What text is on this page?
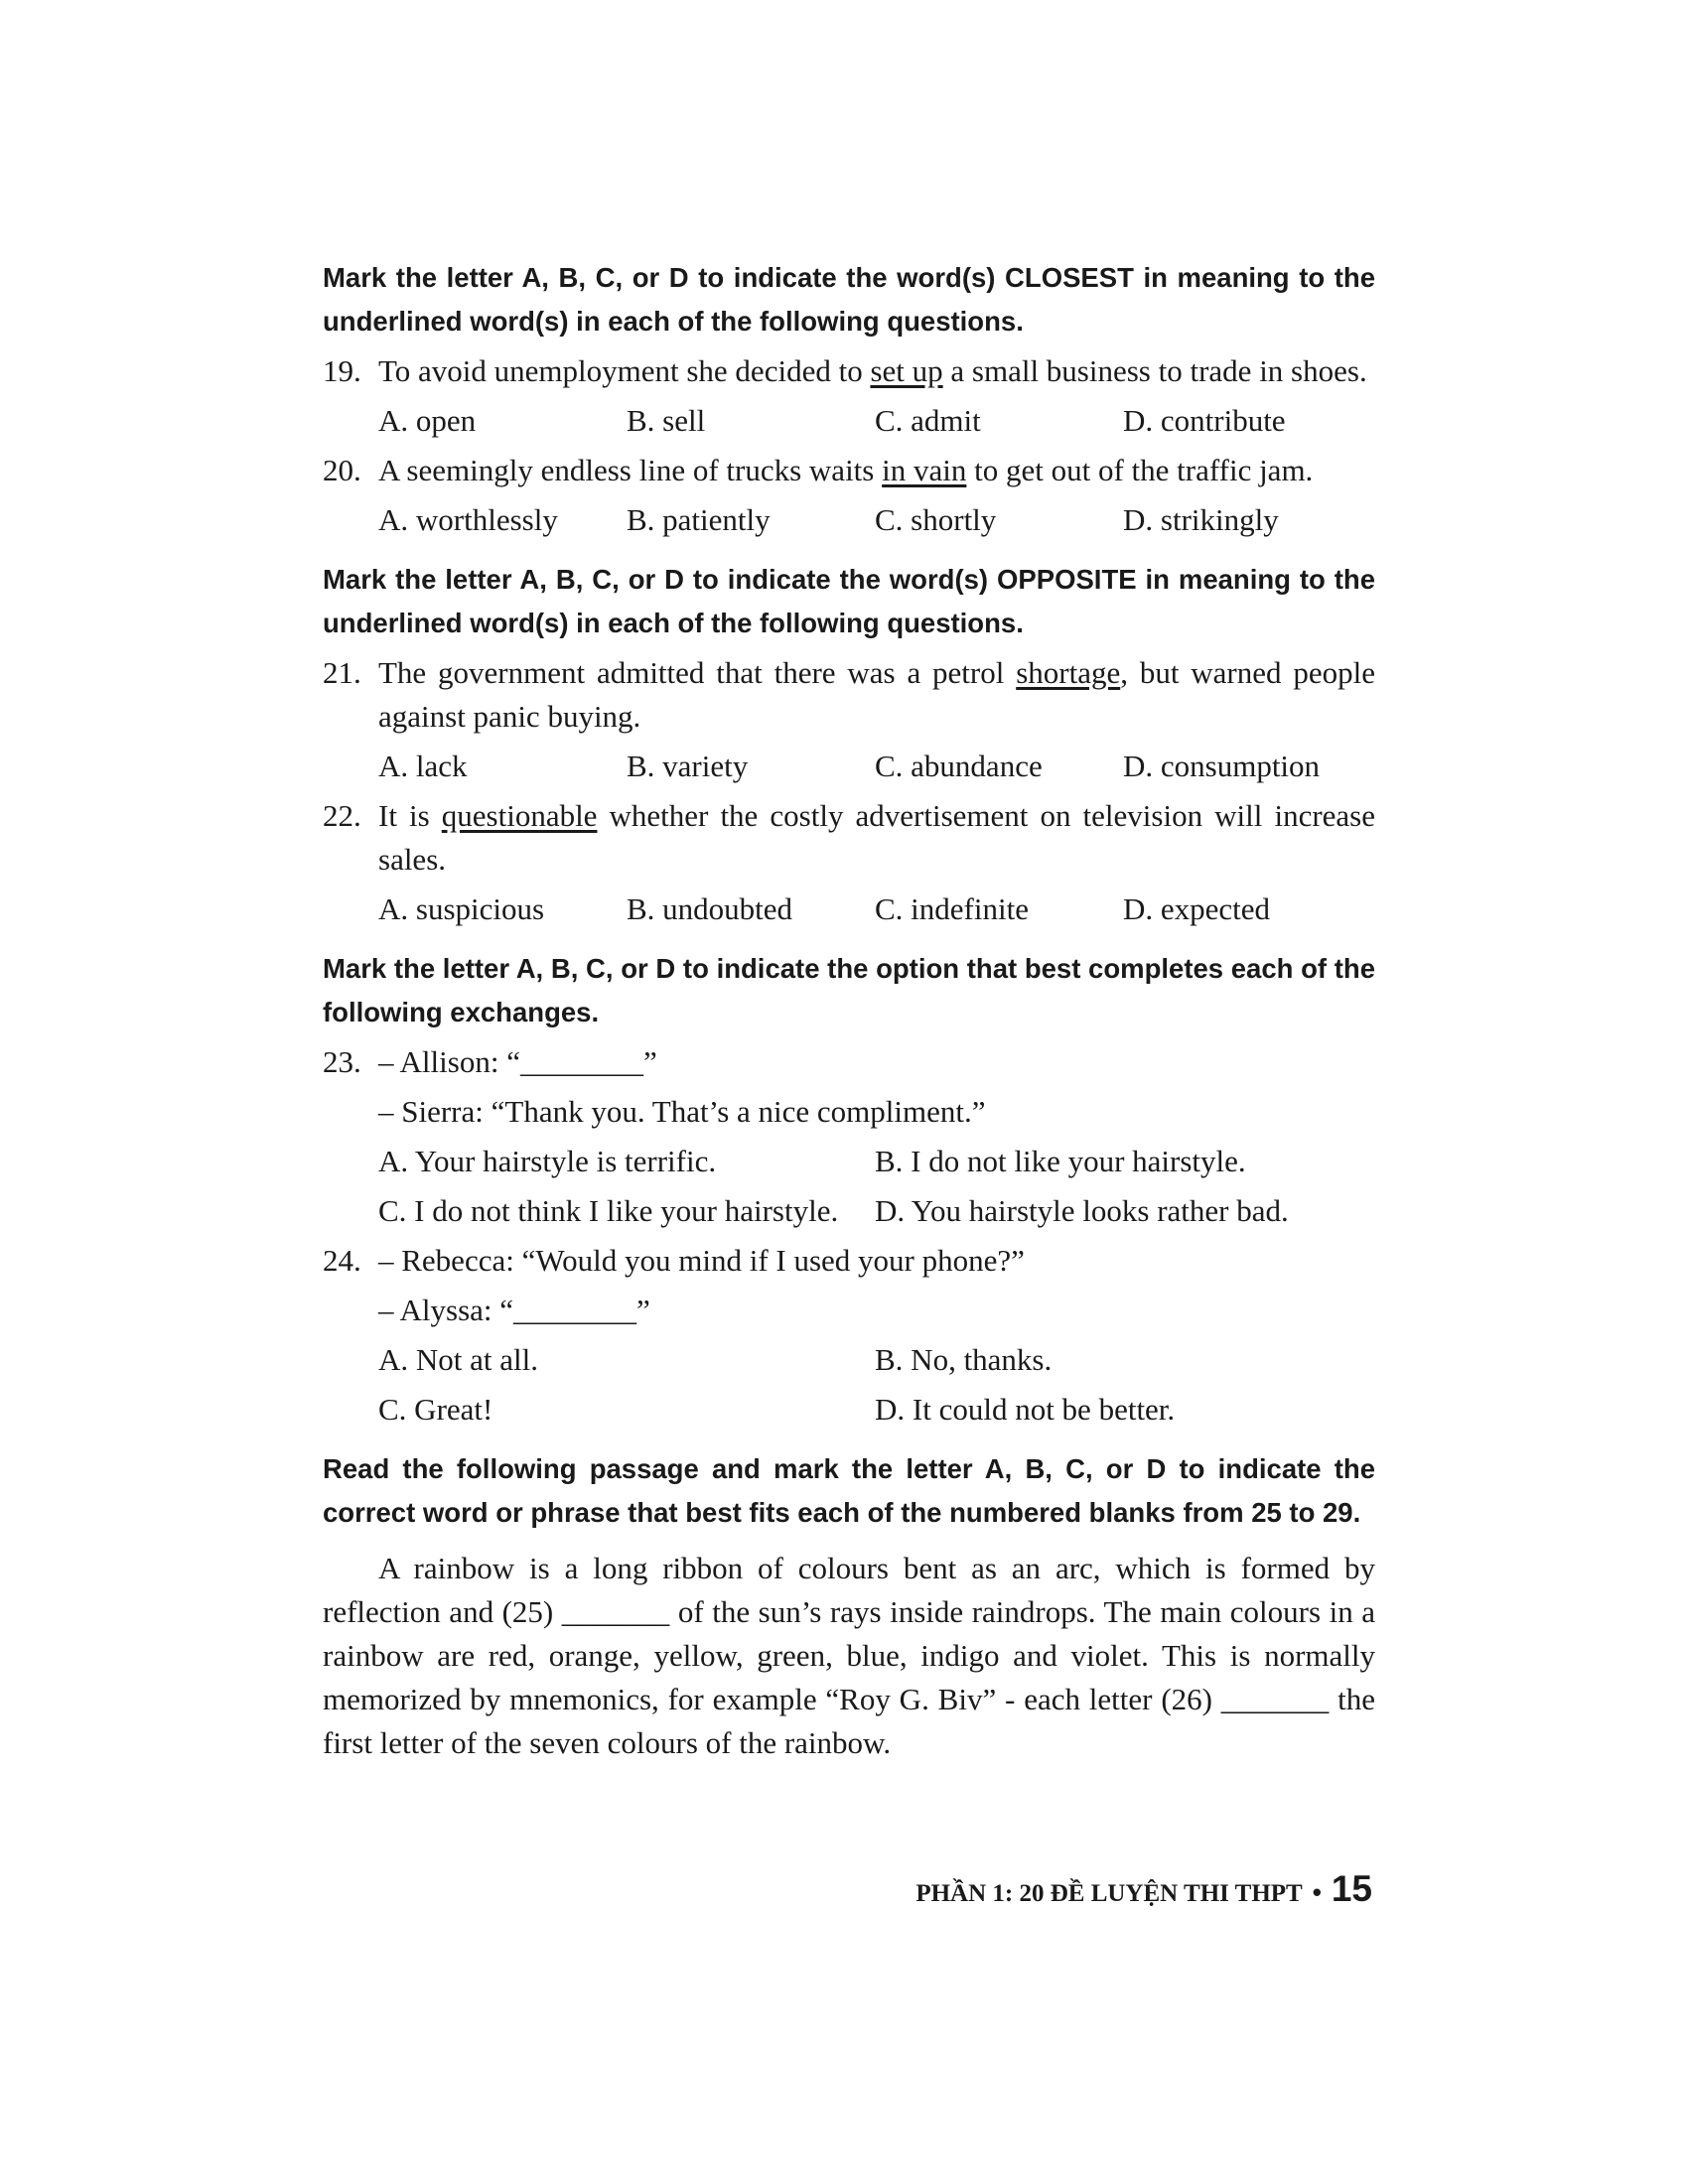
Mark the letter A, B, C, or D to indicate the word(s) CLOSEST in meaning to the underlined word(s) in each of the following questions.

19. To avoid unemployment she decided to set up a small business to trade in shoes.
A. open	B. sell	C. admit	D. contribute
20. A seemingly endless line of trucks waits in vain to get out of the traffic jam.
A. worthlessly	B. patiently	C. shortly	D. strikingly

Mark the letter A, B, C, or D to indicate the word(s) OPPOSITE in meaning to the underlined word(s) in each of the following questions.

21. The government admitted that there was a petrol shortage, but warned people against panic buying.
A. lack	B. variety	C. abundance	D. consumption
22. It is questionable whether the costly advertisement on television will increase sales.
A. suspicious	B. undoubted	C. indefinite	D. expected

Mark the letter A, B, C, or D to indicate the option that best completes each of the following exchanges.

23. – Allison: “________”
– Sierra: “Thank you. That’s a nice compliment.”
A. Your hairstyle is terrific.	B. I do not like your hairstyle.
C. I do not think I like your hairstyle.	D. You hairstyle looks rather bad.
24. – Rebecca: “Would you mind if I used your phone?”
– Alyssa: “________”
A. Not at all.	B. No, thanks.
C. Great!	D. It could not be better.

Read the following passage and mark the letter A, B, C, or D to indicate the correct word or phrase that best fits each of the numbered blanks from 25 to 29.

A rainbow is a long ribbon of colours bent as an arc, which is formed by reflection and (25) _______ of the sun’s rays inside raindrops. The main colours in a rainbow are red, orange, yellow, green, blue, indigo and violet. This is normally memorized by mnemonics, for example “Roy G. Biv” - each letter (26) _______ the first letter of the seven colours of the rainbow.

PHẦN 1: 20 ĐỀ LUYỆN THI THPT • 15
